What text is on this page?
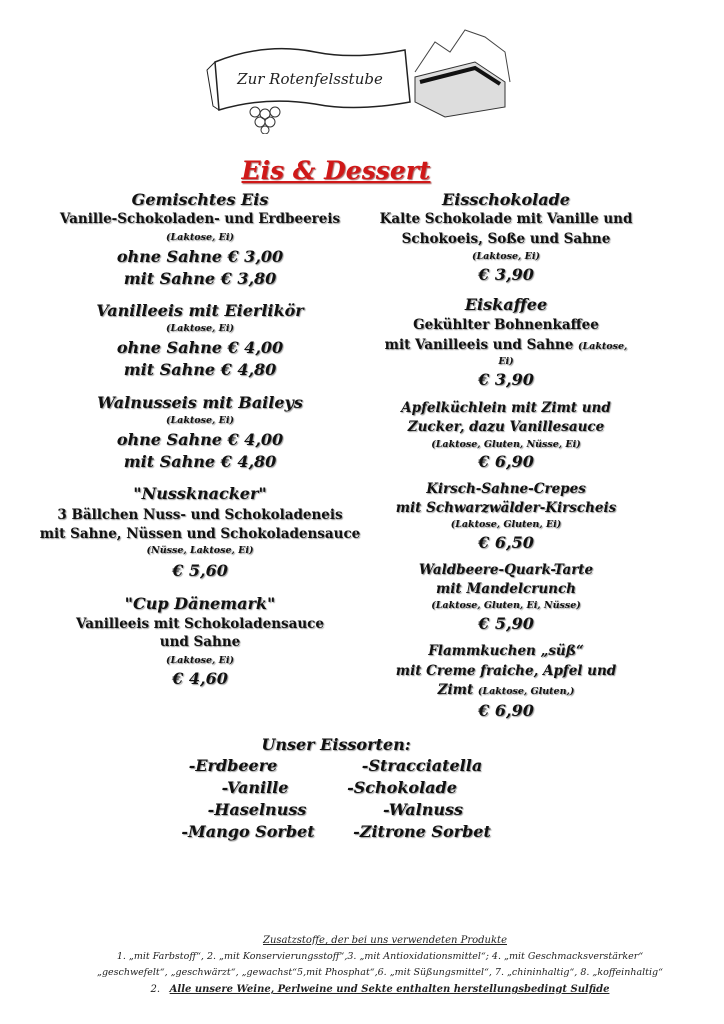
Zur Rotenfelsstube
Eis & Dessert
Gemischtes Eis
Vanille-Schokoladen- und Erdbeereis
(Laktose, Ei)
ohne Sahne € 3,00
mit Sahne € 3,80
Vanilleeis mit Eierlikör
(Laktose, Ei)
ohne Sahne € 4,00
mit Sahne € 4,80
Walnusseis mit Baileys
(Laktose, Ei)
ohne Sahne € 4,00
mit Sahne € 4,80
"Nussknacker"
3 Bällchen Nuss- und Schokoladeneis
mit Sahne, Nüssen und Schokoladensauce
(Nüsse, Laktose, Ei)
€ 5,60
"Cup Dänemark"
Vanilleeis mit Schokoladensauce
und Sahne
(Laktose, Ei)
€ 4,60
Eisschokolade
Kalte Schokolade mit Vanille und
Schokoeis, Soße und Sahne
(Laktose, Ei)
€ 3,90
Eiskaffee
Gekühlter Bohnenkaffee
mit Vanilleeis und Sahne (Laktose,
Ei)
€ 3,90
Apfelküchlein mit Zimt und
Zucker, dazu Vanillesauce
(Laktose, Gluten, Nüsse, Ei)
€ 6,90
Kirsch-Sahne-Crepes
mit Schwarzwälder-Kirscheis
(Laktose, Gluten, Ei)
€ 6,50
Waldbeere-Quark-Tarte
mit Mandelcrunch
(Laktose, Gluten, Ei, Nüsse)
€ 5,90
Flammkuchen „süß“
mit Creme fraiche, Apfel und
Zimt (Laktose, Gluten,)
€ 6,90
Unser Eissorten:
-Erdbeere	-Stracciatella
-Vanille	-Schokolade
-Haselnuss	-Walnuss
-Mango Sorbet -Zitrone Sorbet
Zusatzstoffe, der bei uns verwendeten Produkte
1. „mit Farbstoff“, 2. „mit Konservierungsstoff“,3. „mit Antioxidationsmittel“; 4. „mit Geschmacksverstärker“
„geschwefelt“, „geschwärzt“, „gewachst“5,mit Phosphat“,6. „mit Süßungsmittel“, 7. „chininhaltig“, 8. „koffeinhaltig“
2. Alle unsere Weine, Perlweine und Sekte enthalten herstellungsbedingt Sulfide
